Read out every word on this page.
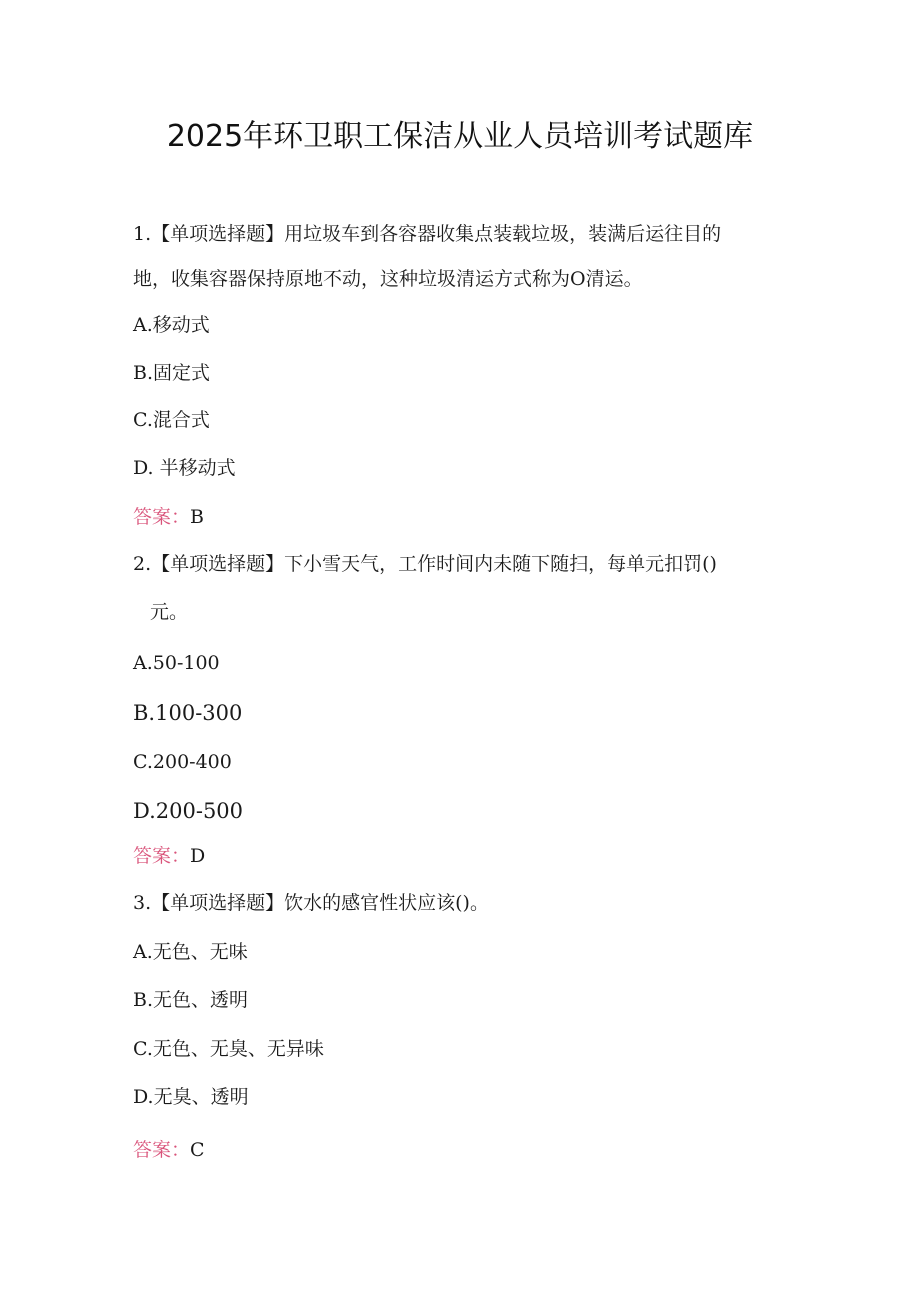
2025年环卫职工保洁从业人员培训考试题库
1.【单项选择题】用垃圾车到各容器收集点装载垃圾，装满后运往目的
地，收集容器保持原地不动，这种垃圾清运方式称为O清运。
A.移动式
B.固定式
C.混合式
D. 半移动式
答案：B
2.【单项选择题】下小雪天气，工作时间内未随下随扫，每单元扣罚()
元。
A.50-100
B.100-300
C.200-400
D.200-500
答案：D
3.【单项选择题】饮水的感官性状应该()。
A.无色、无味
B.无色、透明
C.无色、无臭、无异味
D.无臭、透明
答案：C
